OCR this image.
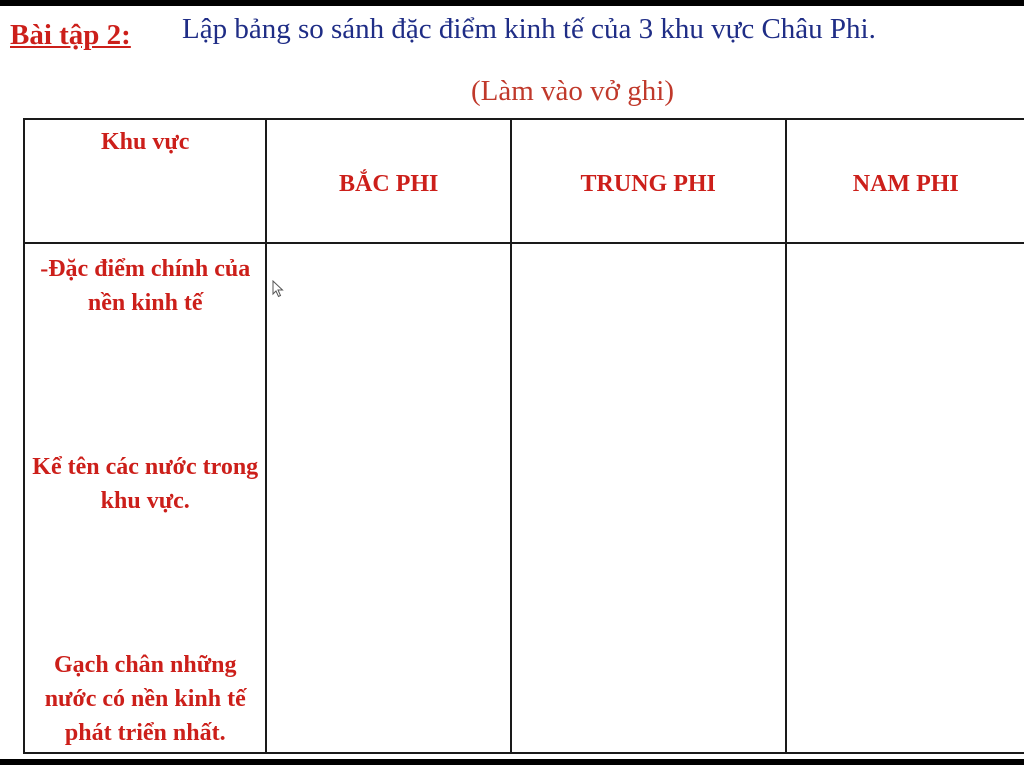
Bài tập 2: Lập bảng so sánh đặc điểm kinh tế của 3 khu vực Châu Phi.
(Làm vào vở ghi)
Khu vực	BẮC PHI	TRUNG PHI	NAM PHI

-Đặc điểm chính của nền kinh tế
Kể tên các nước trong khu vực.
Gạch chân những nước có nền kinh tế phát triển nhất.
